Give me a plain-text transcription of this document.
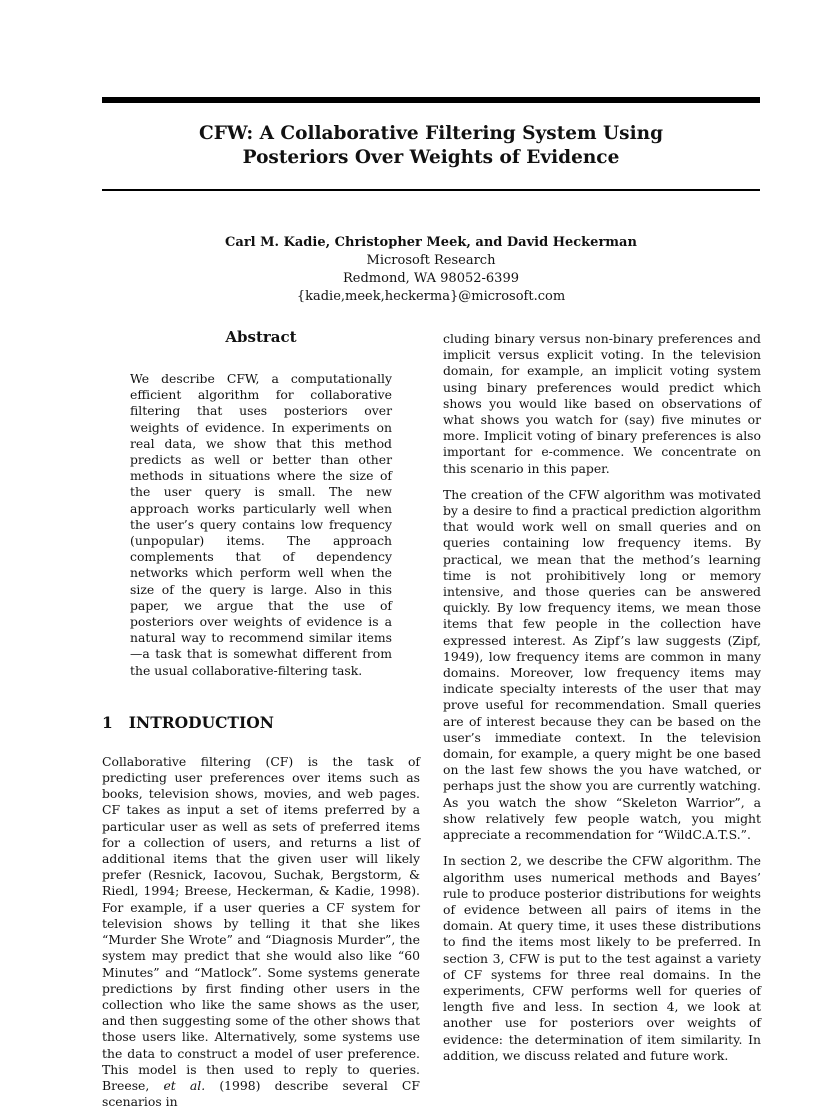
CFW: A Collaborative Filtering System Using
Posteriors Over Weights of Evidence
Carl M. Kadie, Christopher Meek, and David Heckerman
Microsoft Research
Redmond, WA 98052-6399
{kadie,meek,heckerma}@microsoft.com
Abstract

We describe CFW, a computationally efficient algorithm for collaborative filtering that uses posteriors over weights of evidence. In experiments on real data, we show that this method predicts as well or better than other methods in situations where the size of the user query is small. The new approach works particularly well when the user’s query contains low frequency (unpopular) items. The approach complements that of dependency networks which perform well when the size of the query is large. Also in this paper, we argue that the use of posteriors over weights of evidence is a natural way to recommend similar items—a task that is somewhat different from the usual collaborative-filtering task.

1 INTRODUCTION

Collaborative filtering (CF) is the task of predicting user preferences over items such as books, television shows, movies, and web pages. CF takes as input a set of items preferred by a particular user as well as sets of preferred items for a collection of users, and returns a list of additional items that the given user will likely prefer (Resnick, Iacovou, Suchak, Bergstorm, & Riedl, 1994; Breese, Heckerman, & Kadie, 1998). For example, if a user queries a CF system for television shows by telling it that she likes “Murder She Wrote” and “Diagnosis Murder”, the system may predict that she would also like “60 Minutes” and “Matlock”. Some systems generate predictions by first finding other users in the collection who like the same shows as the user, and then suggesting some of the other shows that those users like. Alternatively, some systems use the data to construct a model of user preference. This model is then used to reply to queries. Breese, et al. (1998) describe several CF scenarios in

cluding binary versus non-binary preferences and implicit versus explicit voting. In the television domain, for example, an implicit voting system using binary preferences would predict which shows you would like based on observations of what shows you watch for (say) five minutes or more. Implicit voting of binary preferences is also important for e-commence. We concentrate on this scenario in this paper.

The creation of the CFW algorithm was motivated by a desire to find a practical prediction algorithm that would work well on small queries and on queries containing low frequency items. By practical, we mean that the method’s learning time is not prohibitively long or memory intensive, and those queries can be answered quickly. By low frequency items, we mean those items that few people in the collection have expressed interest. As Zipf’s law suggests (Zipf, 1949), low frequency items are common in many domains. Moreover, low frequency items may indicate specialty interests of the user that may prove useful for recommendation. Small queries are of interest because they can be based on the user’s immediate context. In the television domain, for example, a query might be one based on the last few shows the you have watched, or perhaps just the show you are currently watching. As you watch the show “Skeleton Warrior”, a show relatively few people watch, you might appreciate a recommendation for “WildC.A.T.S.”.

In section 2, we describe the CFW algorithm. The algorithm uses numerical methods and Bayes’ rule to produce posterior distributions for weights of evidence between all pairs of items in the domain. At query time, it uses these distributions to find the items most likely to be preferred. In section 3, CFW is put to the test against a variety of CF systems for three real domains. In the experiments, CFW performs well for queries of length five and less. In section 4, we look at another use for posteriors over weights of evidence: the determination of item similarity. In addition, we discuss related and future work.
